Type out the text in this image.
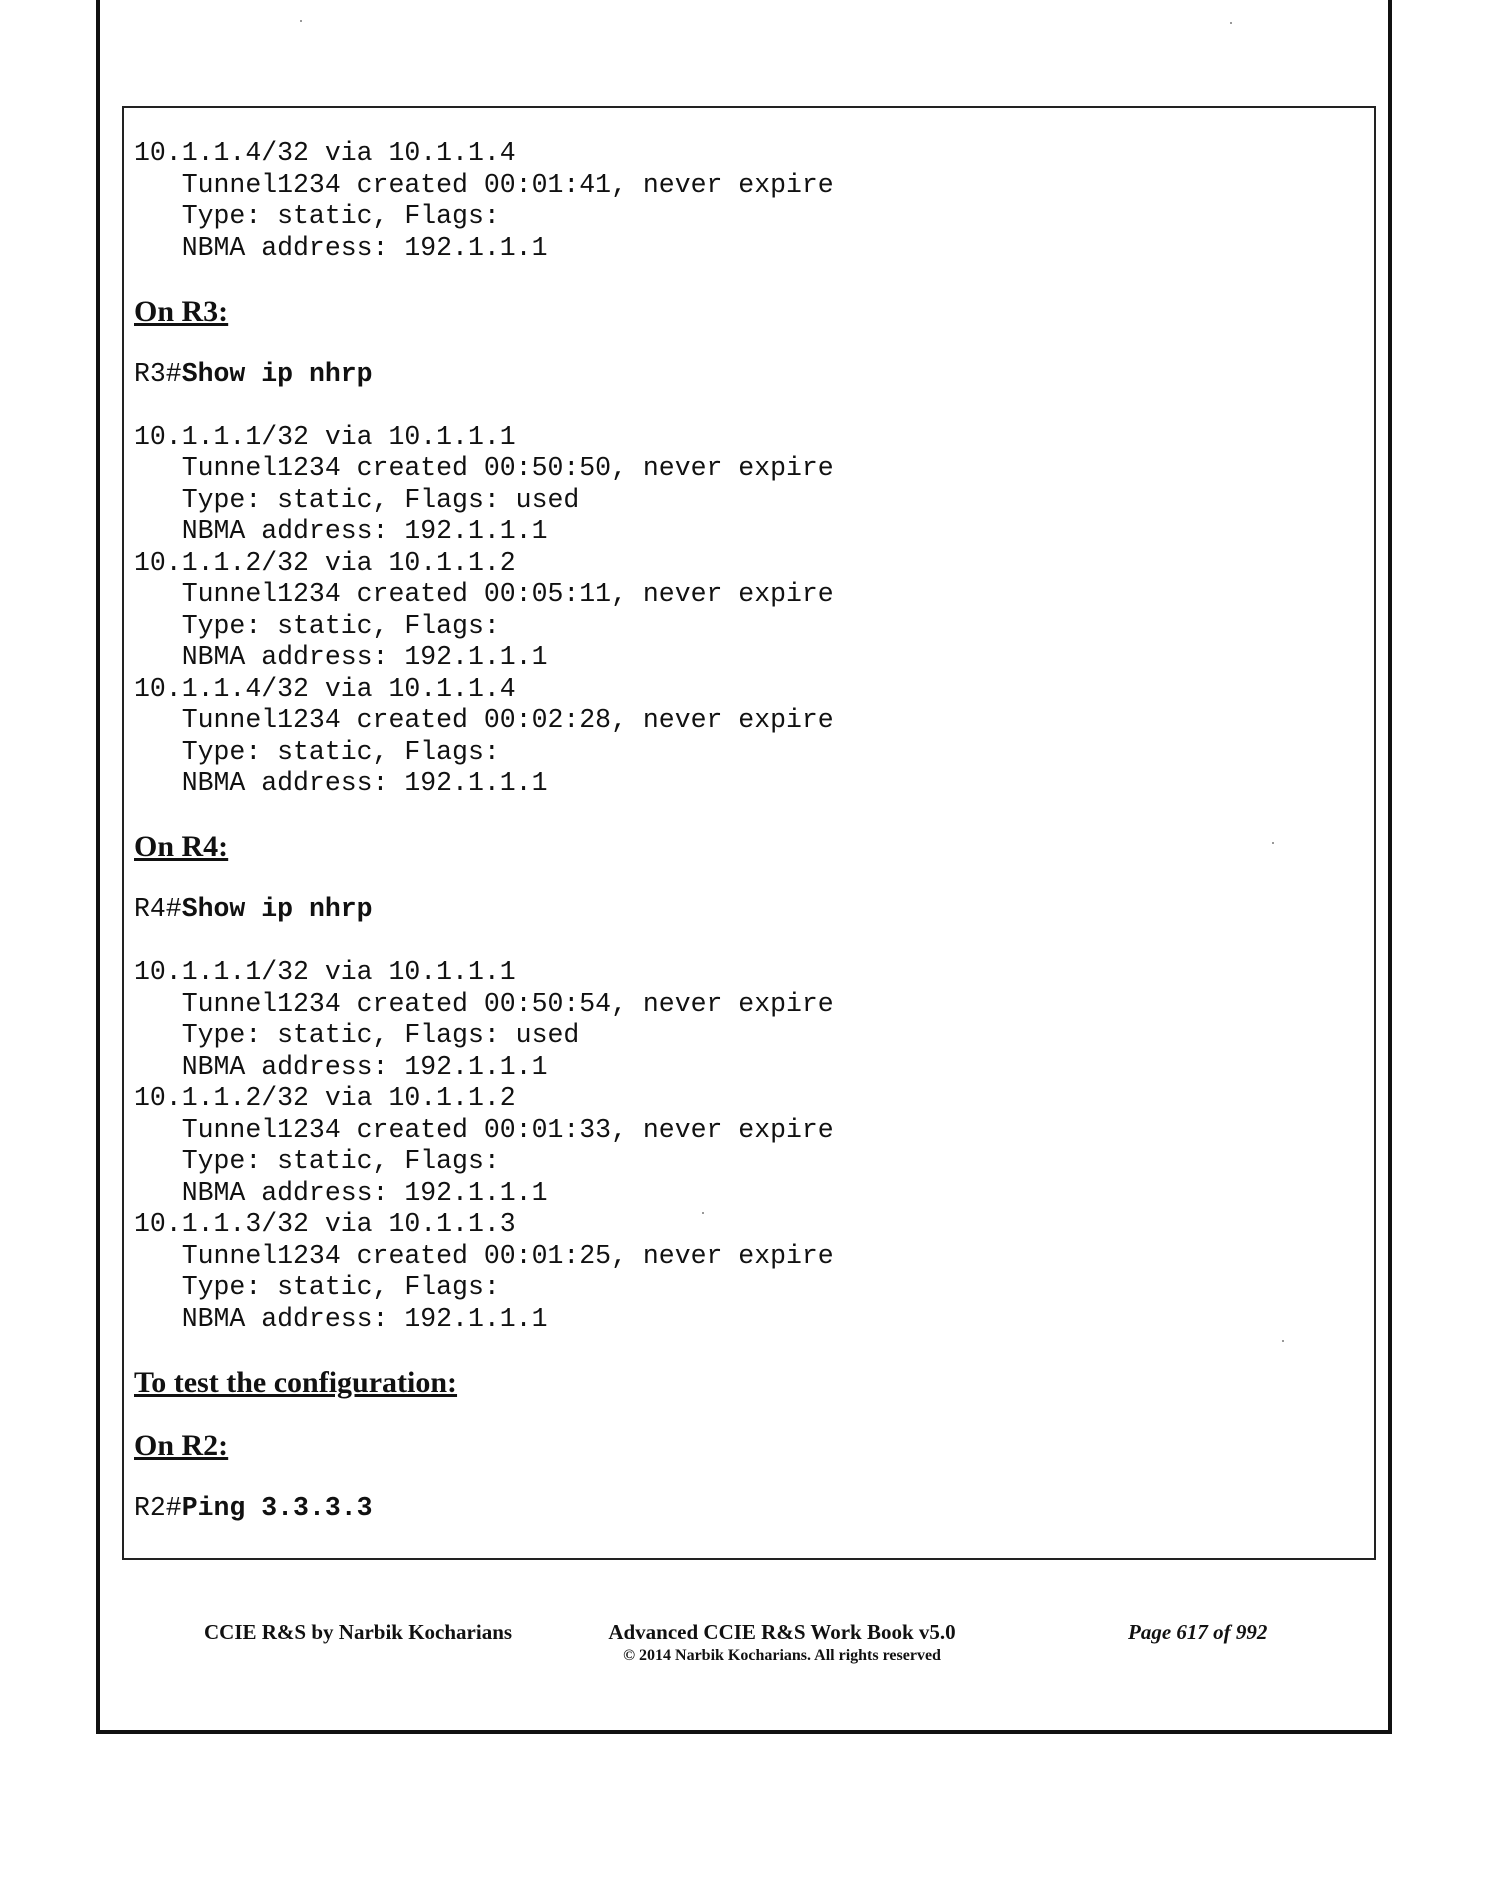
10.1.1.4/32 via 10.1.1.4
Tunnel1234 created 00:01:41, never expire
Type: static, Flags:
NBMA address: 192.1.1.1
On R3:
R3#Show ip nhrp
10.1.1.1/32 via 10.1.1.1
Tunnel1234 created 00:50:50, never expire
Type: static, Flags: used
NBMA address: 192.1.1.1
10.1.1.2/32 via 10.1.1.2
Tunnel1234 created 00:05:11, never expire
Type: static, Flags:
NBMA address: 192.1.1.1
10.1.1.4/32 via 10.1.1.4
Tunnel1234 created 00:02:28, never expire
Type: static, Flags:
NBMA address: 192.1.1.1
On R4:
R4#Show ip nhrp
10.1.1.1/32 via 10.1.1.1
Tunnel1234 created 00:50:54, never expire
Type: static, Flags: used
NBMA address: 192.1.1.1
10.1.1.2/32 via 10.1.1.2
Tunnel1234 created 00:01:33, never expire
Type: static, Flags:
NBMA address: 192.1.1.1
10.1.1.3/32 via 10.1.1.3
Tunnel1234 created 00:01:25, never expire
Type: static, Flags:
NBMA address: 192.1.1.1
To test the configuration:
On R2:
R2#Ping 3.3.3.3
CCIE R&S by Narbik Kocharians	Advanced CCIE R&S Work Book v5.0
© 2014 Narbik Kocharians. All rights reserved
Page 617 of 992
